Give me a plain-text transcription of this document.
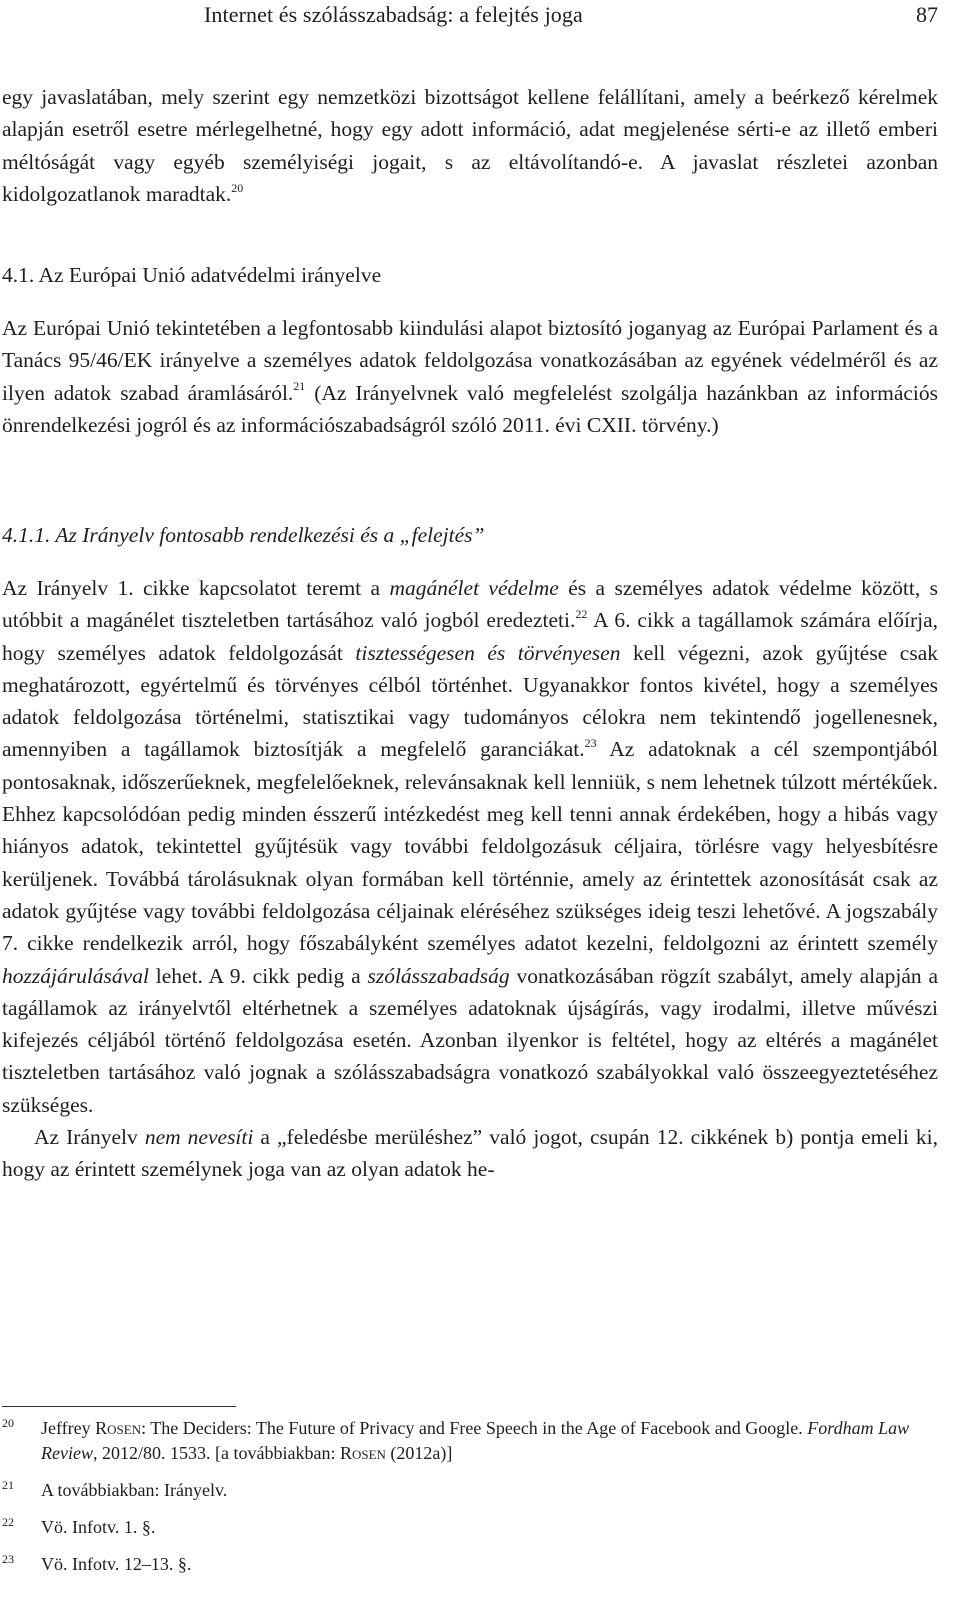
Internet és szólásszabadság: a felejtés joga	87

egy javaslatában, mely szerint egy nemzetközi bizottságot kellene felállítani, amely a beérkező kérelmek alapján esetről esetre mérlegelhetné, hogy egy adott információ, adat megjelenése sérti-e az illető emberi méltóságát vagy egyéb személyiségi jogait, s az eltávolítandó-e. A javaslat részletei azonban kidolgozatlanok maradtak.$^{20}$

4.1. Az Európai Unió adatvédelmi irányelve

Az Európai Unió tekintetében a legfontosabb kiindulási alapot biztosító joganyag az Európai Parlament és a Tanács 95/46/EK irányelve a személyes adatok feldolgozása vonatkozásában az egyének védelméről és az ilyen adatok szabad áramlásáról.$^{21}$ (Az Irányelvnek való megfelelést szolgálja hazánkban az információs önrendelkezési jogról és az információszabadságról szóló 2011. évi CXII. törvény.)

4.1.1. Az Irányelv fontosabb rendelkezési és a „felejtés”

Az Irányelv 1. cikke kapcsolatot teremt a magánélet védelme és a személyes adatok védelme között, s utóbbit a magánélet tiszteletben tartásához való jogból eredezteti.$^{22}$ A 6. cikk a tagállamok számára előírja, hogy személyes adatok feldolgozását tisztességesen és törvényesen kell végezni, azok gyűjtése csak meghatározott, egyértelmű és törvényes célból történhet. Ugyanakkor fontos kivétel, hogy a személyes adatok feldolgozása történelmi, statisztikai vagy tudományos célokra nem tekintendő jogellenesnek, amennyiben a tagállamok biztosítják a megfelelő garanciákat.$^{23}$ Az adatoknak a cél szempontjából pontosaknak, időszerűeknek, megfelelőeknek, relevánsaknak kell lenniük, s nem lehetnek túlzott mértékűek. Ehhez kapcsolódóan pedig minden ésszerű intézkedést meg kell tenni annak érdekében, hogy a hibás vagy hiányos adatok, tekintettel gyűjtésük vagy további feldolgozásuk céljaira, törlésre vagy helyesbítésre kerüljenek. Továbbá tárolásuknak olyan formában kell történnie, amely az érintettek azonosítását csak az adatok gyűjtése vagy további feldolgozása céljainak eléréséhez szükséges ideig teszi lehetővé. A jogszabály 7. cikke rendelkezik arról, hogy főszabályként személyes adatot kezelni, feldolgozni az érintett személy hozzájárulásával lehet. A 9. cikk pedig a szólásszabadság vonatkozásában rögzít szabályt, amely alapján a tagállamok az irányelvtől eltérhetnek a személyes adatoknak újságírás, vagy irodalmi, illetve művészi kifejezés céljából történő feldolgozása esetén. Azonban ilyenkor is feltétel, hogy az eltérés a magánélet tiszteletben tartásához való jognak a szólásszabadságra vonatkozó szabályokkal való összeegyeztetéséhez szükséges.

Az Irányelv nem nevesíti a „feledésbe merüléshez” való jogot, csupán 12. cikkének b) pontja emeli ki, hogy az érintett személynek joga van az olyan adatok he-

20 Jeffrey Rosen: The Deciders: The Future of Privacy and Free Speech in the Age of Facebook and Google. Fordham Law Review, 2012/80. 1533. [a továbbiakban: Rosen (2012a)]
21 A továbbiakban: Irányelv.
22 Vö. Infotv. 1. §.
23 Vö. Infotv. 12–13. §.
